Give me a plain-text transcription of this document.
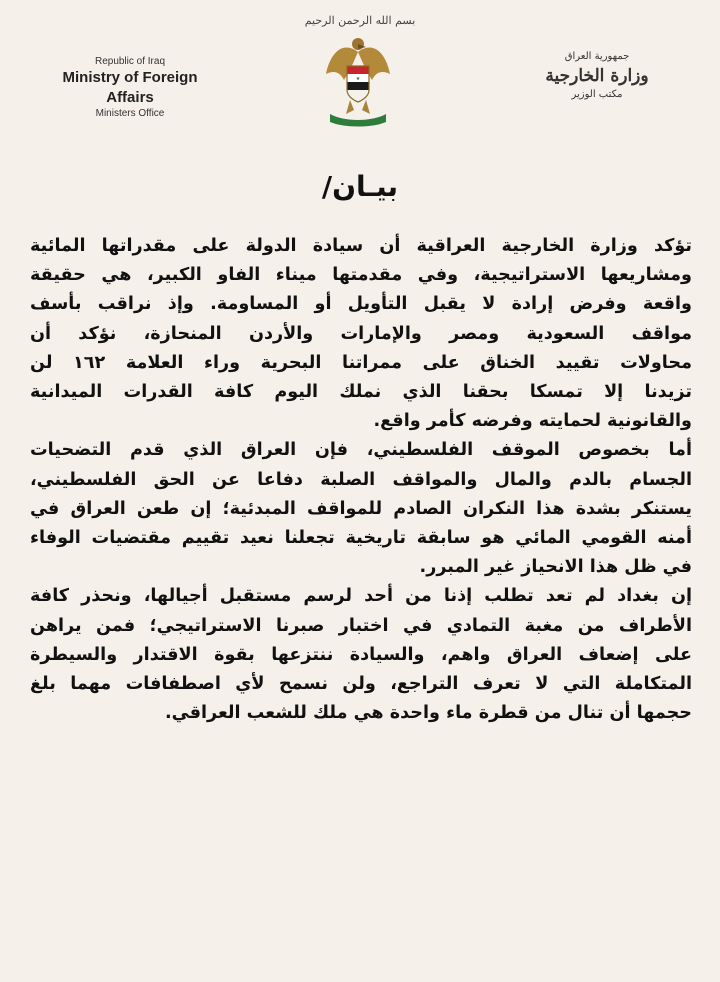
بسم الله الرحمن الرحيم
Republic of Iraq
Ministry of Foreign Affairs
Ministers Office
★
جمهورية العراق
وزارة الخارجية
مكتب الوزير
بيـان/
تؤكد وزارة الخارجية العراقية أن سيادة الدولة على مقدراتها المائية
ومشاريعها الاستراتيجية، وفي مقدمتها ميناء الفاو الكبير، هي حقيقة
واقعة وفرض إرادة لا يقبل التأويل أو المساومة. وإذ نراقب بأسف
مواقف السعودية ومصر والإمارات والأردن المنحازة، نؤكد أن
محاولات تقييد الخناق على ممراتنا البحرية وراء العلامة ١٦٢ لن
تزيدنا إلا تمسكا بحقنا الذي نملك اليوم كافة القدرات الميدانية
والقانونية لحمايته وفرضه كأمر واقع.
أما بخصوص الموقف الفلسطيني، فإن العراق الذي قدم التضحيات
الجسام بالدم والمال والمواقف الصلبة دفاعا عن الحق الفلسطيني،
يستنكر بشدة هذا النكران الصادم للمواقف المبدئية؛ إن طعن العراق في
أمنه القومي المائي هو سابقة تاريخية تجعلنا نعيد تقييم مقتضيات الوفاء
في ظل هذا الانحياز غير المبرر.
إن بغداد لم تعد تطلب إذنا من أحد لرسم مستقبل أجيالها، ونحذر كافة
الأطراف من مغبة التمادي في اختبار صبرنا الاستراتيجي؛ فمن يراهن
على إضعاف العراق واهم، والسيادة ننتزعها بقوة الاقتدار والسيطرة
المتكاملة التي لا تعرف التراجع، ولن نسمح لأي اصطفافات مهما بلغ
حجمها أن تنال من قطرة ماء واحدة هي ملك للشعب العراقي.
